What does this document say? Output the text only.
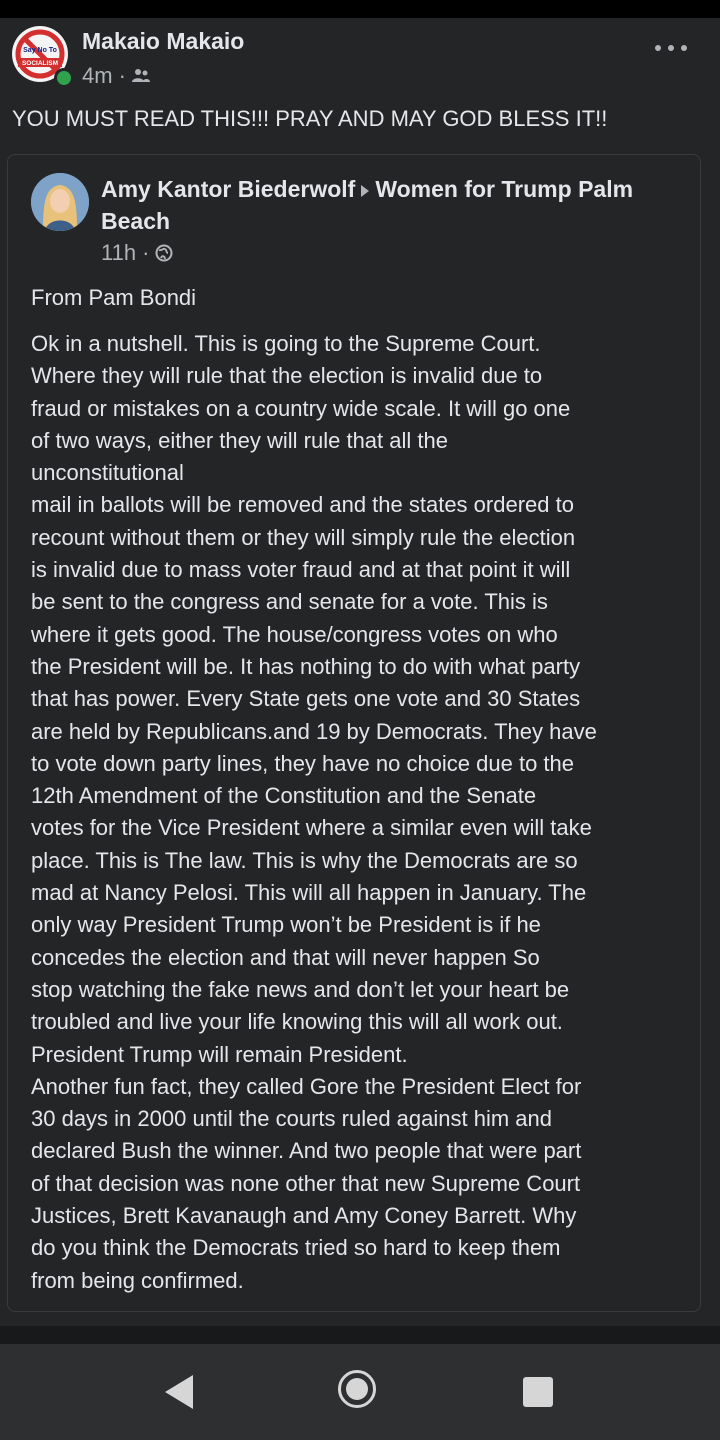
Say No To
SOCIALISM
Makaio Makaio
4m ·
YOU MUST READ THIS!!! PRAY AND MAY GOD BLESS IT!!
Amy Kantor Biederwolf Women for Trump Palm Beach
11h ·
From Pam Bondi
Ok in a nutshell. This is going to the Supreme Court.
Where they will rule that the election is invalid due to
fraud or mistakes on a country wide scale. It will go one
of two ways, either they will rule that all the
unconstitutional
mail in ballots will be removed and the states ordered to
recount without them or they will simply rule the election
is invalid due to mass voter fraud and at that point it will
be sent to the congress and senate for a vote. This is
where it gets good. The house/congress votes on who
the President will be. It has nothing to do with what party
that has power. Every State gets one vote and 30 States
are held by Republicans.and 19 by Democrats. They have
to vote down party lines, they have no choice due to the
12th Amendment of the Constitution and the Senate
votes for the Vice President where a similar even will take
place. This is The law. This is why the Democrats are so
mad at Nancy Pelosi. This will all happen in January. The
only way President Trump won’t be President is if he
concedes the election and that will never happen So
stop watching the fake news and don’t let your heart be
troubled and live your life knowing this will all work out.
President Trump will remain President.
Another fun fact, they called Gore the President Elect for
30 days in 2000 until the courts ruled against him and
declared Bush the winner. And two people that were part
of that decision was none other that new Supreme Court
Justices, Brett Kavanaugh and Amy Coney Barrett. Why
do you think the Democrats tried so hard to keep them
from being confirmed.
